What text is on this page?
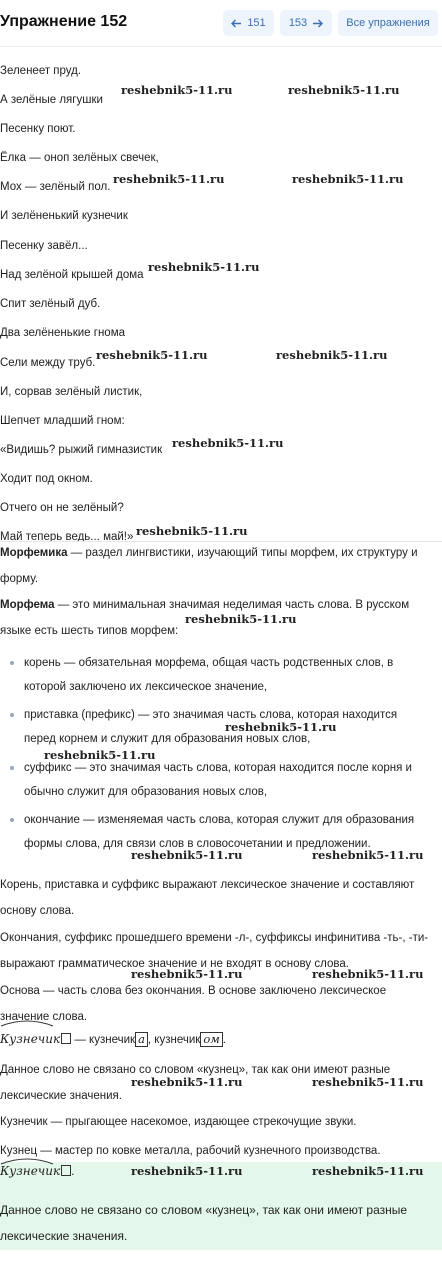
Упражнение 152	151 153	Все упражнения
Зеленеет пруд.
А зелёные лягушки
Песенку поют.
Ёлка — оноп зелёных свечек,
Мох — зелёный пол.
И зелёненький кузнечик
Песенку завёл...
Над зелёной крышей дома
Спит зелёный дуб.
Два зелёненькие гнома
Сели между труб.
И, сорвав зелёный листик,
Шепчет младший гном:
«Видишь? рыжий гимназистик
Ходит под окном.
Отчего он не зелёный?
Май теперь ведь... май!»
Морфемика — раздел лингвистики, изучающий типы морфем, их структуру и форму.
Морфема — это минимальная значимая неделимая часть слова. В русском языке есть шесть типов морфем:
корень — обязательная морфема, общая часть родственных слов, в которой заключено их лексическое значение,
приставка (префикс) — это значимая часть слова, которая находится перед корнем и служит для образования новых слов,
суффикс — это значимая часть слова, которая находится после корня и обычно служит для образования новых слов,
окончание — изменяемая часть слова, которая служит для образования формы слова, для связи слов в словосочетании и предложении.
Корень, приставка и суффикс выражают лексическое значение и составляют основу слова.
Окончания, суффикс прошедшего времени -л-, суффиксы инфинитива -ть-, -ти- выражают грамматическое значение и не входят в основу слова.
Основа — часть слова без окончания. В основе заключено лексическое значение слова.
Кузнечик — кузнечик а , кузнечик ом .
Данное слово не связано со словом «кузнец», так как они имеют разные лексические значения.
Кузнечик — прыгающее насекомое, издающее стрекочущие звуки.
Кузнец — мастер по ковке металла, рабочий кузнечного производства.
Кузнечик .
Данное слово не связано со словом «кузнец», так как они имеют разные лексические значения.
reshebnik5-11.ru	reshebnik5-11.ru
reshebnik5-11.ru	reshebnik5-11.ru
reshebnik5-11.ru
reshebnik5-11.ru	reshebnik5-11.ru
reshebnik5-11.ru
reshebnik5-11.ru
reshebnik5-11.ru
reshebnik5-11.ru
reshebnik5-11.ru
reshebnik5-11.ru	reshebnik5-11.ru
reshebnik5-11.ru	reshebnik5-11.ru
reshebnik5-11.ru	reshebnik5-11.ru
reshebnik5-11.ru	reshebnik5-11.ru
